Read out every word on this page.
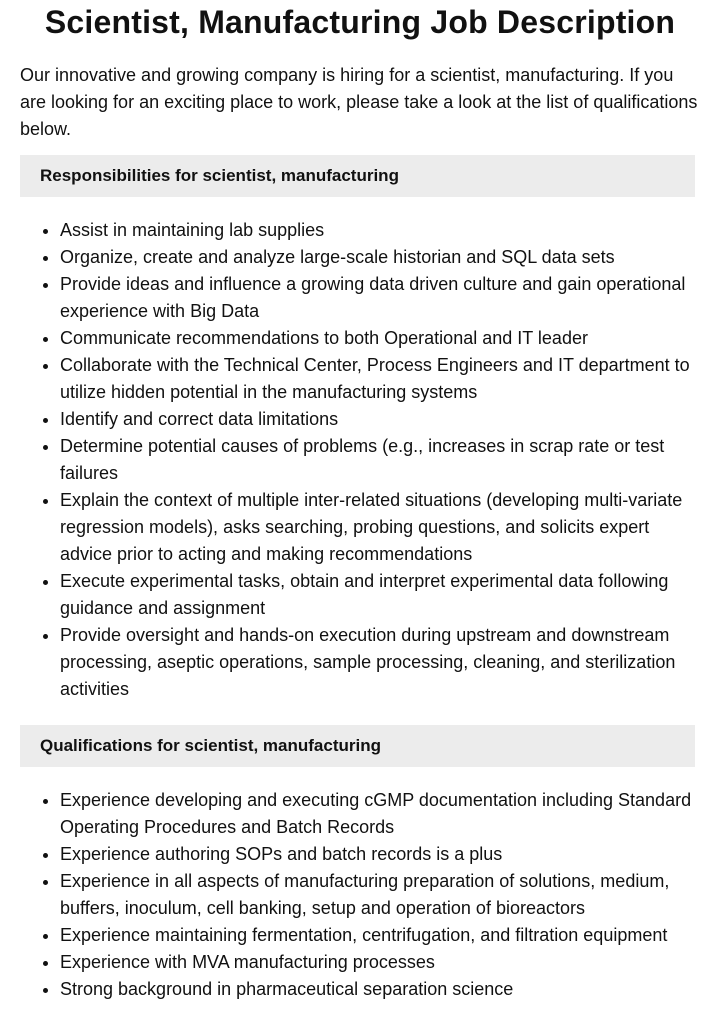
Scientist, Manufacturing Job Description

Our innovative and growing company is hiring for a scientist, manufacturing. If you are looking for an exciting place to work, please take a look at the list of qualifications below.

Responsibilities for scientist, manufacturing
• Assist in maintaining lab supplies
• Organize, create and analyze large-scale historian and SQL data sets
• Provide ideas and influence a growing data driven culture and gain operational experience with Big Data
• Communicate recommendations to both Operational and IT leader
• Collaborate with the Technical Center, Process Engineers and IT department to utilize hidden potential in the manufacturing systems
• Identify and correct data limitations
• Determine potential causes of problems (e.g., increases in scrap rate or test failures
• Explain the context of multiple inter-related situations (developing multi-variate regression models), asks searching, probing questions, and solicits expert advice prior to acting and making recommendations
• Execute experimental tasks, obtain and interpret experimental data following guidance and assignment
• Provide oversight and hands-on execution during upstream and downstream processing, aseptic operations, sample processing, cleaning, and sterilization activities
Qualifications for scientist, manufacturing
• Experience developing and executing cGMP documentation including Standard Operating Procedures and Batch Records
• Experience authoring SOPs and batch records is a plus
• Experience in all aspects of manufacturing preparation of solutions, medium, buffers, inoculum, cell banking, setup and operation of bioreactors
• Experience maintaining fermentation, centrifugation, and filtration equipment
• Experience with MVA manufacturing processes
• Strong background in pharmaceutical separation science
